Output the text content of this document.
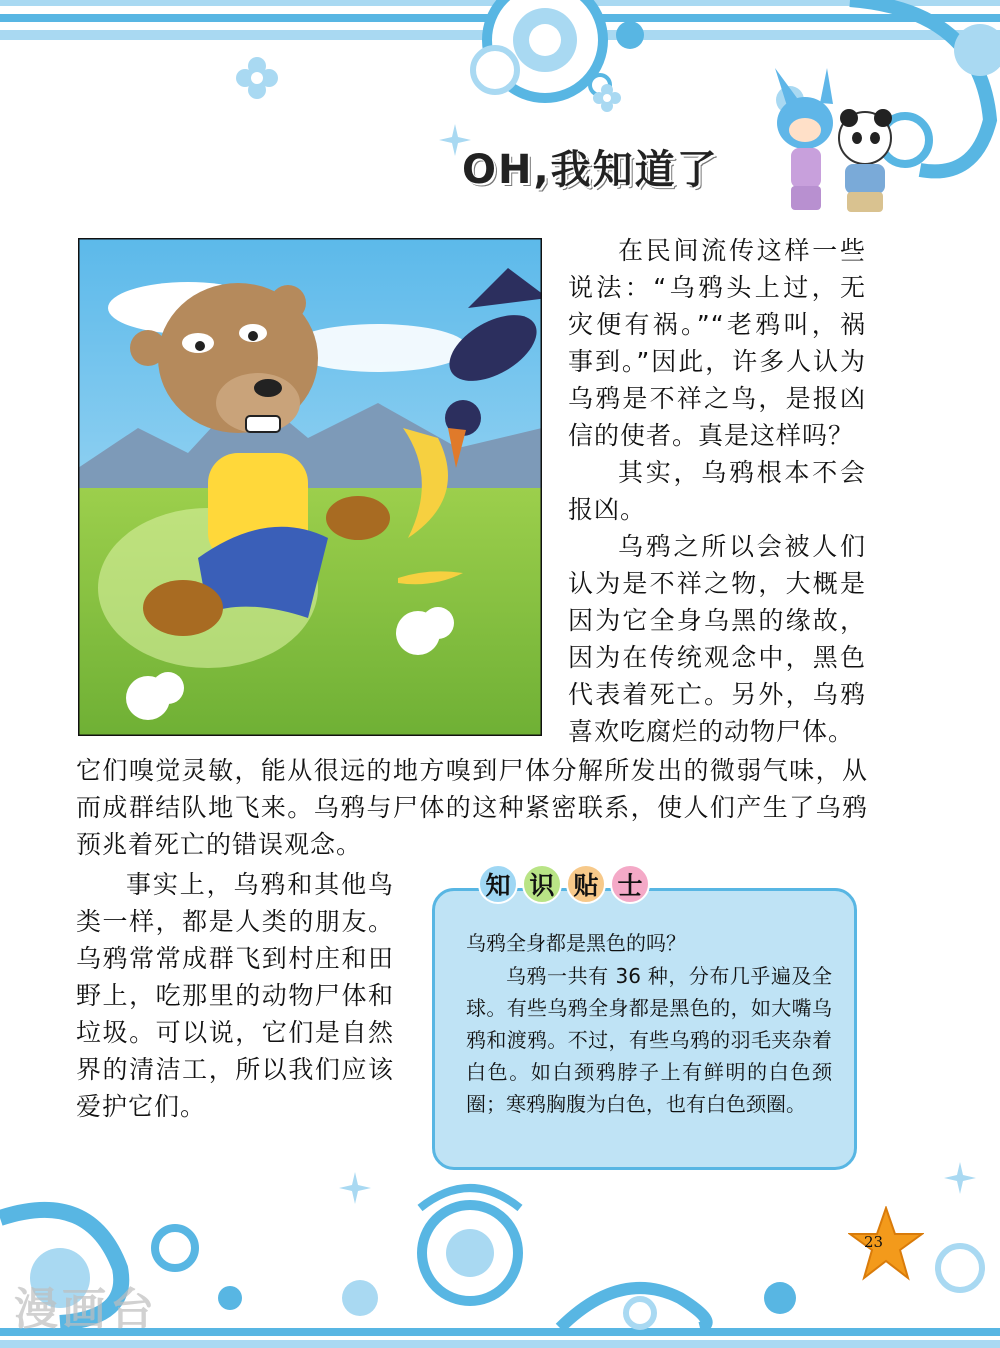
OH,我知道了

在民间流传这样一些说法：“乌鸦头上过，无灾便有祸。”“老鸦叫，祸事到。”因此，许多人认为乌鸦是不祥之鸟，是报凶信的使者。真是这样吗？

其实，乌鸦根本不会报凶。

乌鸦之所以会被人们认为是不祥之物，大概是因为它全身乌黑的缘故，因为在传统观念中，黑色代表着死亡。另外，乌鸦喜欢吃腐烂的动物尸体。

它们嗅觉灵敏，能从很远的地方嗅到尸体分解所发出的微弱气味，从而成群结队地飞来。乌鸦与尸体的这种紧密联系，使人们产生了乌鸦预兆着死亡的错误观念。

事实上，乌鸦和其他鸟类一样，都是人类的朋友。乌鸦常常成群飞到村庄和田野上，吃那里的动物尸体和垃圾。可以说，它们是自然界的清洁工，所以我们应该爱护它们。

知 识 贴 士

乌鸦全身都是黑色的吗？

乌鸦一共有 36 种，分布几乎遍及全球。有些乌鸦全身都是黑色的，如大嘴乌鸦和渡鸦。不过，有些乌鸦的羽毛夹杂着白色。如白颈鸦脖子上有鲜明的白色颈圈；寒鸦胸腹为白色，也有白色颈圈。

23
漫画台
